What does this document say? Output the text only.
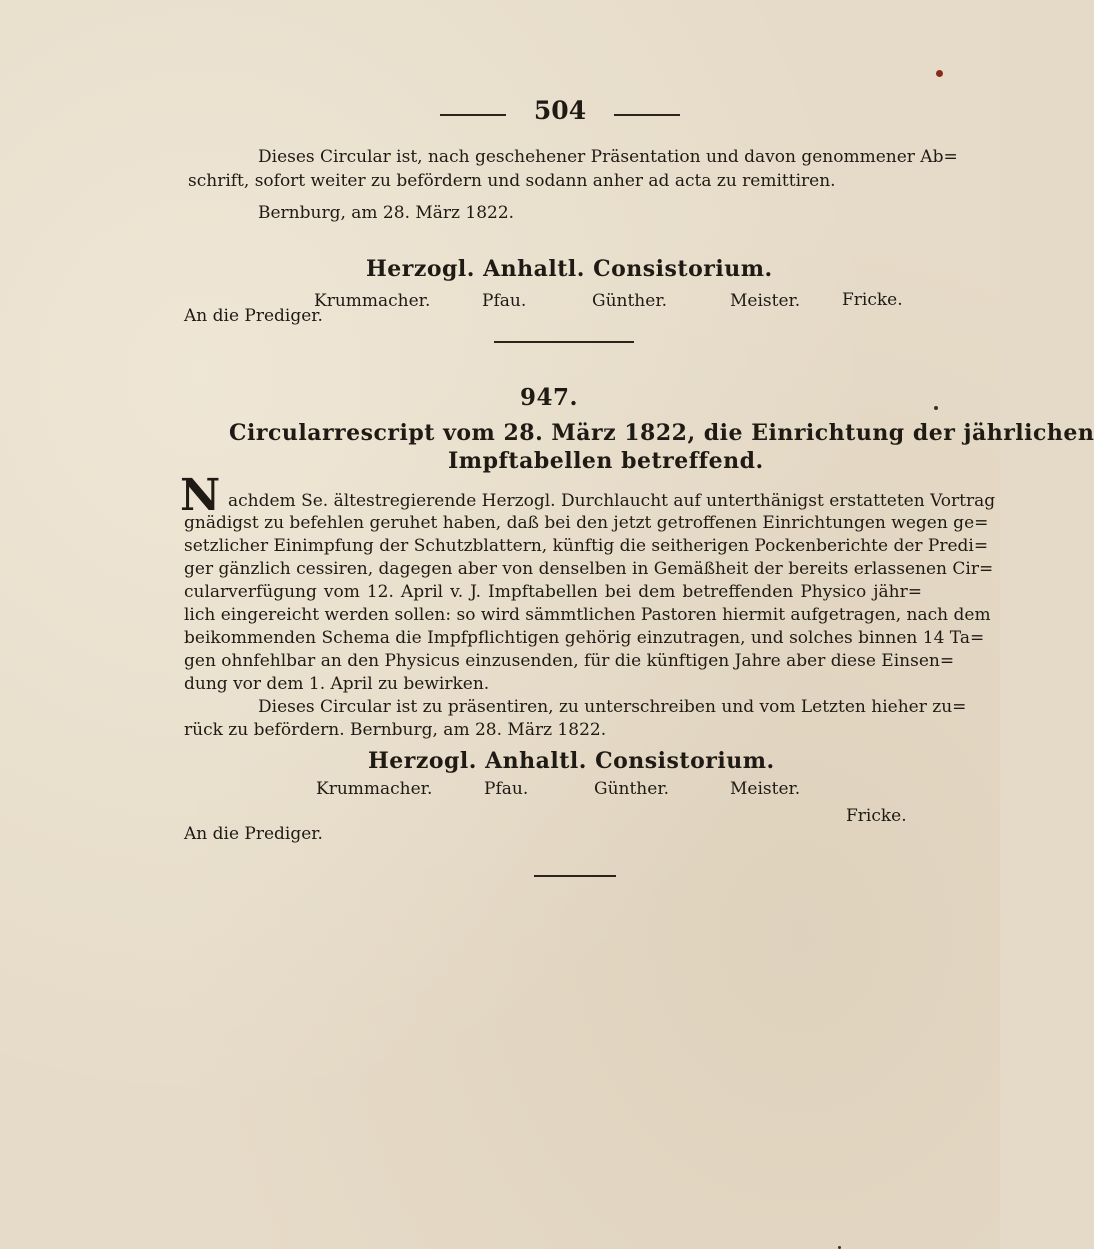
504
Dieses Circular ist, nach geschehener Präsentation und davon genommener Ab=
schrift, sofort weiter zu befördern und sodann anher ad acta zu remittiren.
Bernburg, am 28. März 1822.
Herzogl. Anhaltl. Consistorium.
Krummacher.	Pfau.	Günther.	Meister. Fricke.
An die Prediger.
947.
Circularrescript vom 28. März 1822, die Einrichtung der jährlichen
Impftabellen betreffend.
N achdem Se. ältestregierende Herzogl. Durchlaucht auf unterthänigst erstatteten Vortrag
gnädigst zu befehlen geruhet haben, daß bei den jetzt getroffenen Einrichtungen wegen ge=
setzlicher Einimpfung der Schutzblattern, künftig die seitherigen Pockenberichte der Predi=
ger gänzlich cessiren, dagegen aber von denselben in Gemäßheit der bereits erlassenen Cir=
cularverfügung vom 12. April v. J. Impftabellen bei dem betreffenden Physico jähr=
lich eingereicht werden sollen: so wird sämmtlichen Pastoren hiermit aufgetragen, nach dem
beikommenden Schema die Impfpflichtigen gehörig einzutragen, und solches binnen 14 Ta=
gen ohnfehlbar an den Physicus einzusenden, für die künftigen Jahre aber diese Einsen=
dung vor dem 1. April zu bewirken.
Dieses Circular ist zu präsentiren, zu unterschreiben und vom Letzten hieher zu=
rück zu befördern. Bernburg, am 28. März 1822.
Herzogl. Anhaltl. Consistorium.
Krummacher.	Pfau.	Günther.	Meister.
Fricke.
An die Prediger.
